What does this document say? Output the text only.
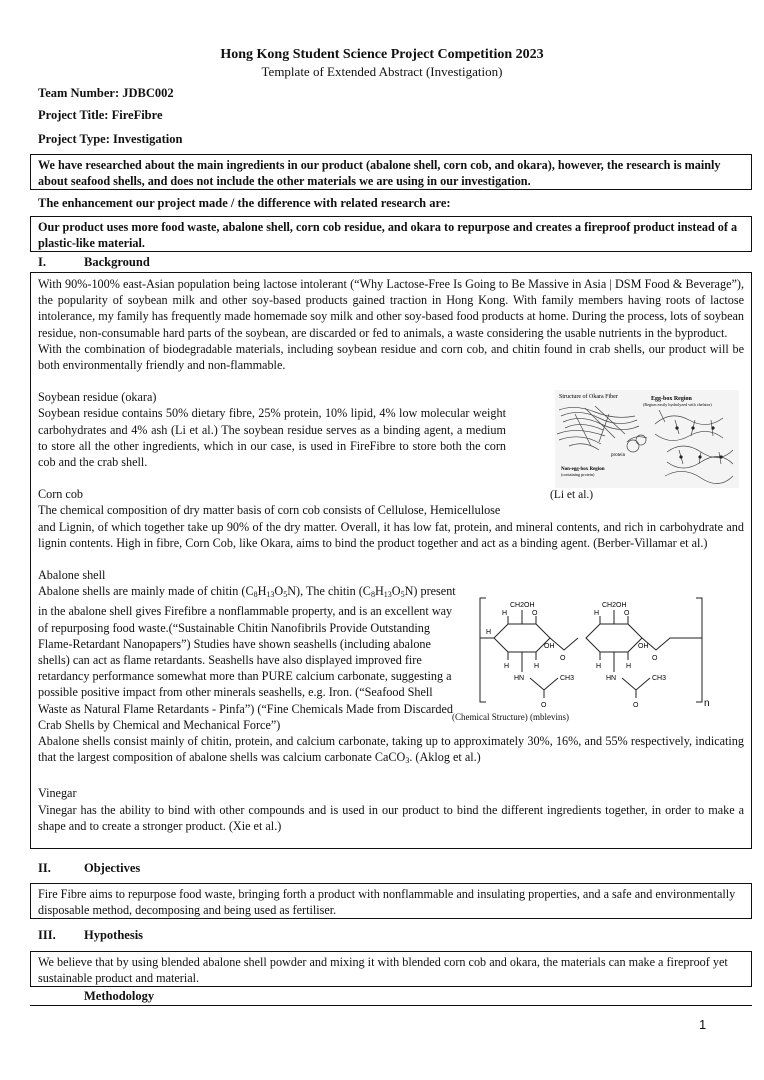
Hong Kong Student Science Project Competition 2023
Template of Extended Abstract (Investigation)
Team Number: JDBC002
Project Title: FireFibre
Project Type: Investigation
We have researched about the main ingredients in our product (abalone shell, corn cob, and okara), however, the research is mainly about seafood shells, and does not include the other materials we are using in our investigation.
The enhancement our project made / the difference with related research are:
Our product uses more food waste, abalone shell, corn cob residue, and okara to repurpose and creates a fireproof product instead of a plastic-like material.
I.	Background

With 90%-100% east-Asian population being lactose intolerant (“Why Lactose-Free Is Going to Be Massive in Asia | DSM Food & Beverage”), the popularity of soybean milk and other soy-based products gained traction in Hong Kong. With family members having roots of lactose intolerance, my family has frequently made homemade soy milk and other soy-based food products at home. During the process, lots of soybean residue, non-consumable hard parts of the soybean, are discarded or fed to animals, a waste considering the usable nutrients in the byproduct.

With the combination of biodegradable materials, including soybean residue and corn cob, and chitin found in crab shells, our product will be both environmentally friendly and non-flammable.

Soybean residue (okara)

Soybean residue contains 50% dietary fibre, 25% protein, 10% lipid, 4% low molecular weight carbohydrates and 4% ash (Li et al.) The soybean residue serves as a binding agent, a medium to store all the other ingredients, which in our case, is used in FireFibre to store both the corn cob and the crab shell.

Corn cob

The chemical composition of dry matter basis of corn cob consists of Cellulose, Hemicellulose

and Lignin, of which together take up 90% of the dry matter. Overall, it has low fat, protein, and mineral contents, and rich in carbohydrate and lignin contents. High in fibre, Corn Cob, like Okara, aims to bind the product together and act as a binding agent. (Berber-Villamar et al.)

Abalone shell

Abalone shells are mainly made of chitin $(C_8H_{13}O_5N)$, The chitin $(C_8H_{13}O_5N)$ present in the abalone shell gives Firefibre a nonflammable property, and is an excellent way of repurposing food waste.(“Sustainable Chitin Nanofibrils Provide Outstanding Flame-Retardant Nanopapers”) Studies have shown seashells (including abalone shells) can act as flame retardants. Seashells have also displayed improved fire retardancy performance somewhat more than PURE calcium carbonate, suggesting a possible positive impact from other minerals seashells, e.g. Iron. (“Seafood Shell Waste as Natural Flame Retardants - Pinfa”) (“Fine Chemicals Made from Discarded Crab Shells by Chemical and Mechanical Force”)

Abalone shells consist mainly of chitin, protein, and calcium carbonate, taking up to approximately 30%, 16%, and 55% respectively, indicating that the largest composition of abalone shells was calcium carbonate CaCO$_3$. (Aklog et al.)

Vinegar

Vinegar has the ability to bind with other compounds and is used in our product to bind the different ingredients together, in order to make a shape and to create a stronger product. (Xie et al.)

Structure of Okara Fiber	Egg-box Region
(Region easily hydrolyzed with chelator)
protein
Non-egg-box Region
(containing protein)
(Li et al.)
CH2OH	CH2OH
H	O	H	O
H
OH	OH
O	O
H	H
H	H
HN	HN
CH3	CH3
O	O	n
(Chemical Structure) (mblevins)
II.	Objectives
Fire Fibre aims to repurpose food waste, bringing forth a product with nonflammable and insulating properties, and a safe and environmentally disposable method, decomposing and being used as fertiliser.
III. Hypothesis
We believe that by using blended abalone shell powder and mixing it with blended corn cob and okara, the materials can make a fireproof yet sustainable product and material.
Methodology
1
